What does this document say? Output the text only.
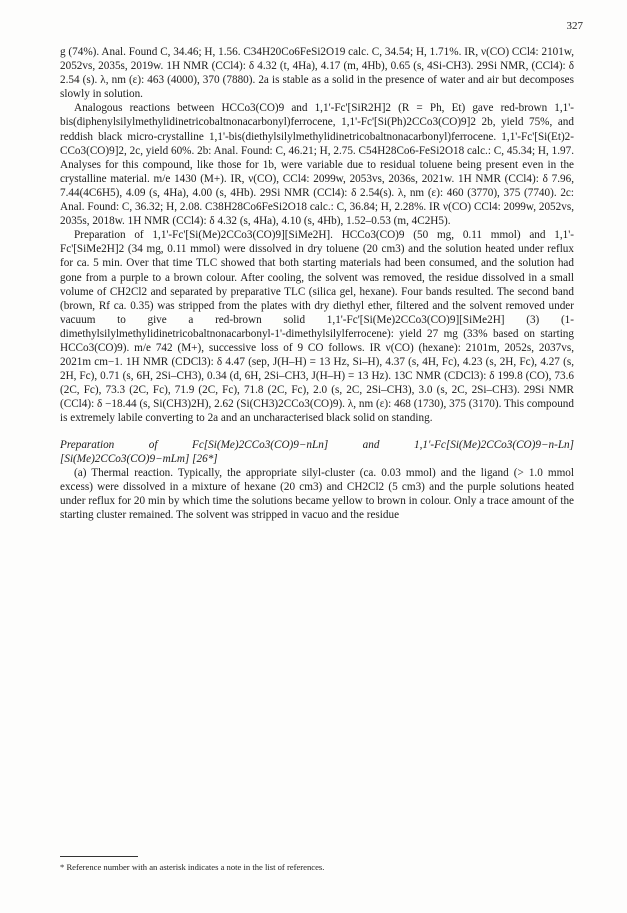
327

g (74%). Anal. Found C, 34.46; H, 1.56. C34H20Co6FeSi2O19 calc. C, 34.54; H, 1.71%. IR, ν(CO) CCl4: 2101w, 2052vs, 2035s, 2019w. 1H NMR (CCl4): δ 4.32 (t, 4Ha), 4.17 (m, 4Hb), 0.65 (s, 4Si-CH3). 29Si NMR, (CCl4): δ 2.54 (s). λ, nm (ε): 463 (4000), 370 (7880). 2a is stable as a solid in the presence of water and air but decomposes slowly in solution.

Analogous reactions between HCCo3(CO)9 and 1,1'-Fc'[SiR2H]2 (R = Ph, Et) gave red-brown 1,1'-bis(diphenylsilylmethylidinetricobaltnonacarbonyl)ferrocene, 1,1'-Fc'[Si(Ph)2CCo3(CO)9]2 2b, yield 75%, and reddish black micro-crystalline 1,1'-bis(diethylsilylmethylidinetricobaltnonacarbonyl)ferrocene. 1,1'-Fc'[Si(Et)2-CCo3(CO)9]2, 2c, yield 60%. 2b: Anal. Found: C, 46.21; H, 2.75. C54H28Co6-FeSi2O18 calc.: C, 45.34; H, 1.97. Analyses for this compound, like those for 1b, were variable due to residual toluene being present even in the crystalline material. m/e 1430 (M+). IR, ν(CO), CCl4: 2099w, 2053vs, 2036s, 2021w. 1H NMR (CCl4): δ 7.96, 7.44(4C6H5), 4.09 (s, 4Ha), 4.00 (s, 4Hb). 29Si NMR (CCl4): δ 2.54(s). λ, nm (ε): 460 (3770), 375 (7740). 2c: Anal. Found: C, 36.32; H, 2.08. C38H28Co6FeSi2O18 calc.: C, 36.84; H, 2.28%. IR ν(CO) CCl4: 2099w, 2052vs, 2035s, 2018w. 1H NMR (CCl4): δ 4.32 (s, 4Ha), 4.10 (s, 4Hb), 1.52–0.53 (m, 4C2H5).

Preparation of 1,1'-Fc'[Si(Me)2CCo3(CO)9][SiMe2H]. HCCo3(CO)9 (50 mg, 0.11 mmol) and 1,1'-Fc'[SiMe2H]2 (34 mg, 0.11 mmol) were dissolved in dry toluene (20 cm3) and the solution heated under reflux for ca. 5 min. Over that time TLC showed that both starting materials had been consumed, and the solution had gone from a purple to a brown colour. After cooling, the solvent was removed, the residue dissolved in a small volume of CH2Cl2 and separated by preparative TLC (silica gel, hexane). Four bands resulted. The second band (brown, Rf ca. 0.35) was stripped from the plates with dry diethyl ether, filtered and the solvent removed under vacuum to give a red-brown solid 1,1'-Fc'[Si(Me)2CCo3(CO)9][SiMe2H] (3) (1-dimethylsilylmethylidinetricobaltnonacarbonyl-1'-dimethylsilylferrocene): yield 27 mg (33% based on starting HCCo3(CO)9). m/e 742 (M+), successive loss of 9 CO follows. IR ν(CO) (hexane): 2101m, 2052s, 2037vs, 2021m cm−1. 1H NMR (CDCl3): δ 4.47 (sep, J(H–H) = 13 Hz, Si–H), 4.37 (s, 4H, Fc), 4.23 (s, 2H, Fc), 4.27 (s, 2H, Fc), 0.71 (s, 6H, 2Si–CH3), 0.34 (d, 6H, 2Si–CH3, J(H–H) = 13 Hz). 13C NMR (CDCl3): δ 199.8 (CO), 73.6 (2C, Fc), 73.3 (2C, Fc), 71.9 (2C, Fc), 71.8 (2C, Fc), 2.0 (s, 2C, 2Si–CH3), 3.0 (s, 2C, 2Si–CH3). 29Si NMR (CCl4): δ −18.44 (s, Si(CH3)2H), 2.62 (Si(CH3)2CCo3(CO)9). λ, nm (ε): 468 (1730), 375 (3170). This compound is extremely labile converting to 2a and an uncharacterised black solid on standing.

Preparation of Fc[Si(Me)2CCo3(CO)9−nLn] and 1,1'-Fc[Si(Me)2CCo3(CO)9−n-Ln][Si(Me)2CCo3(CO)9−mLm] [26*]

(a) Thermal reaction. Typically, the appropriate silyl-cluster (ca. 0.03 mmol) and the ligand (> 1.0 mmol excess) were dissolved in a mixture of hexane (20 cm3) and CH2Cl2 (5 cm3) and the purple solutions heated under reflux for 20 min by which time the solutions became yellow to brown in colour. Only a trace amount of the starting cluster remained. The solvent was stripped in vacuo and the residue

* Reference number with an asterisk indicates a note in the list of references.
